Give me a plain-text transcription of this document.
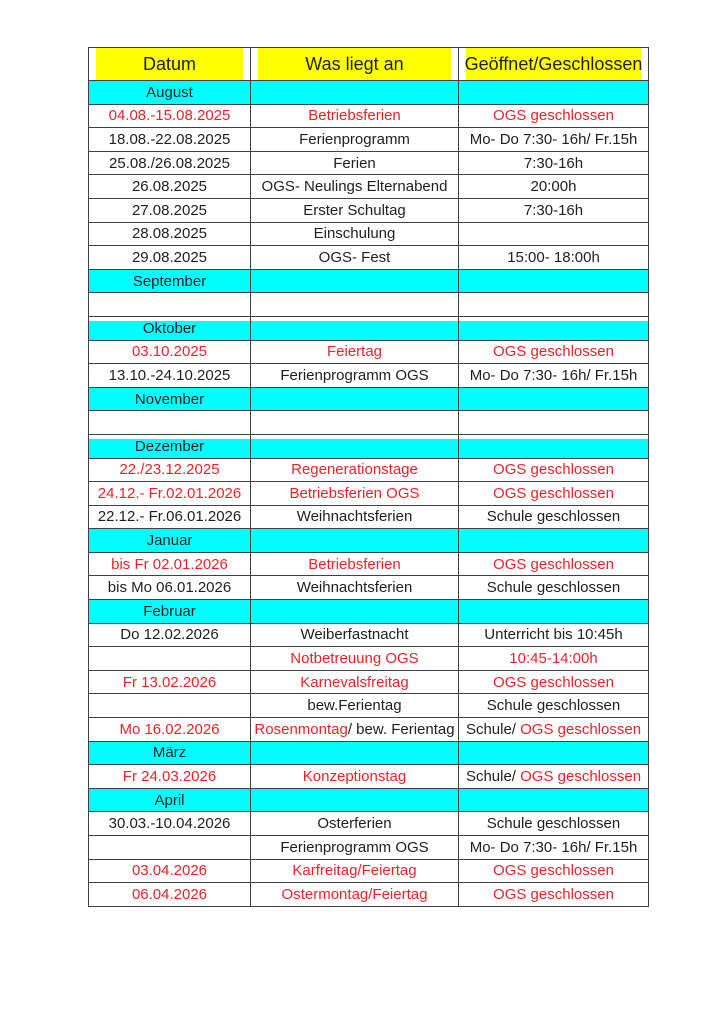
Datum	Was liegt an	Geöffnet/Geschlossen
August		
04.08.-15.08.2025	Betriebsferien	OGS geschlossen
18.08.-22.08.2025	Ferienprogramm	Mo- Do 7:30- 16h/ Fr.15h
25.08./26.08.2025	Ferien	7:30-16h
26.08.2025	OGS- Neulings Elternabend	20:00h
27.08.2025	Erster Schultag	7:30-16h
28.08.2025	Einschulung	
29.08.2025	OGS- Fest	15:00- 18:00h
September		

Oktober		
03.10.2025	Feiertag	OGS geschlossen
13.10.-24.10.2025	Ferienprogramm OGS	Mo- Do 7:30- 16h/ Fr.15h
November		

Dezember		
22./23.12.2025	Regenerationstage	OGS geschlossen
24.12.- Fr.02.01.2026	Betriebsferien OGS	OGS geschlossen
22.12.- Fr.06.01.2026	Weihnachtsferien	Schule geschlossen
Januar		
bis Fr 02.01.2026	Betriebsferien	OGS geschlossen
bis Mo 06.01.2026	Weihnachtsferien	Schule geschlossen
Februar		
Do 12.02.2026	Weiberfastnacht	Unterricht bis 10:45h
	Notbetreuung OGS	10:45-14:00h
Fr 13.02.2026	Karnevalsfreitag	OGS geschlossen
	bew.Ferientag	Schule geschlossen
Mo 16.02.2026	Rosenmontag/ bew. Ferientag	Schule/ OGS geschlossen
März		
Fr 24.03.2026	Konzeptionstag	Schule/ OGS geschlossen
April		
30.03.-10.04.2026	Osterferien	Schule geschlossen
	Ferienprogramm OGS	Mo- Do 7:30- 16h/ Fr.15h
03.04.2026	Karfreitag/Feiertag	OGS geschlossen
06.04.2026	Ostermontag/Feiertag	OGS geschlossen
